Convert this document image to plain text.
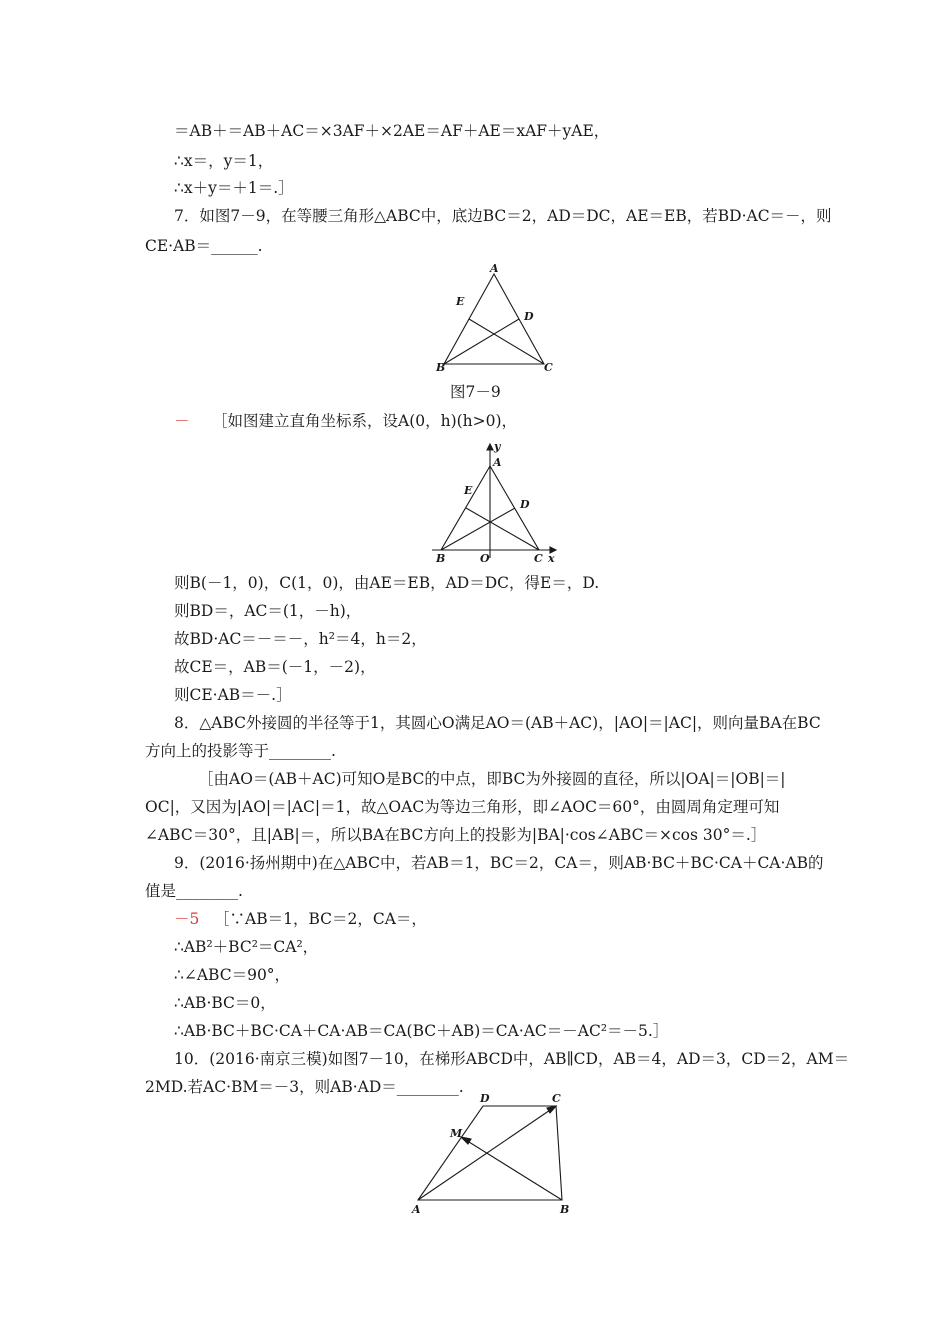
＝AB＋＝AB＋AC＝×3AF＋×2AE＝AF＋AE＝xAF＋yAE，
∴x＝，y＝1，
∴x＋y＝＋1＝.］
7．如图7－9，在等腰三角形△ABC中，底边BC＝2，AD＝DC，AE＝EB，若BD·AC＝－，则
CE·AB＝______.
A
E
D
B	C
图7－9
－ ［如图建立直角坐标系，设A(0，h)(h>0)，
y
A
E
D
B	O	C x
则B(－1，0)，C(1，0)，由AE＝EB，AD＝DC，得E＝，D.
则BD＝，AC＝(1，－h)，
故BD·AC＝－＝－，h²＝4，h＝2，
故CE＝，AB＝(－1，－2)，
则CE·AB＝－.］
8．△ABC外接圆的半径等于1，其圆心O满足AO＝(AB＋AC)，|AO|＝|AC|，则向量BA在BC
方向上的投影等于________.
［由AO＝(AB＋AC)可知O是BC的中点，即BC为外接圆的直径，所以|OA|＝|OB|＝|
OC|，又因为|AO|＝|AC|＝1，故△OAC为等边三角形，即∠AOC＝60°，由圆周角定理可知
∠ABC＝30°，且|AB|＝，所以BA在BC方向上的投影为|BA|·cos∠ABC＝×cos 30°＝.］
9．(2016·扬州期中)在△ABC中，若AB＝1，BC＝2，CA＝，则AB·BC＋BC·CA＋CA·AB的
值是________.
－5 ［∵AB＝1，BC＝2，CA＝，
∴AB²＋BC²＝CA²，
∴∠ABC＝90°，
∴AB·BC＝0，
∴AB·BC＋BC·CA＋CA·AB＝CA(BC＋AB)＝CA·AC＝－AC²＝－5.］
10．(2016·南京三模)如图7－10，在梯形ABCD中，AB∥CD，AB＝4，AD＝3，CD＝2，AM＝
2MD.若AC·BM＝－3，则AB·AD＝________.
D	C
M
A	B
